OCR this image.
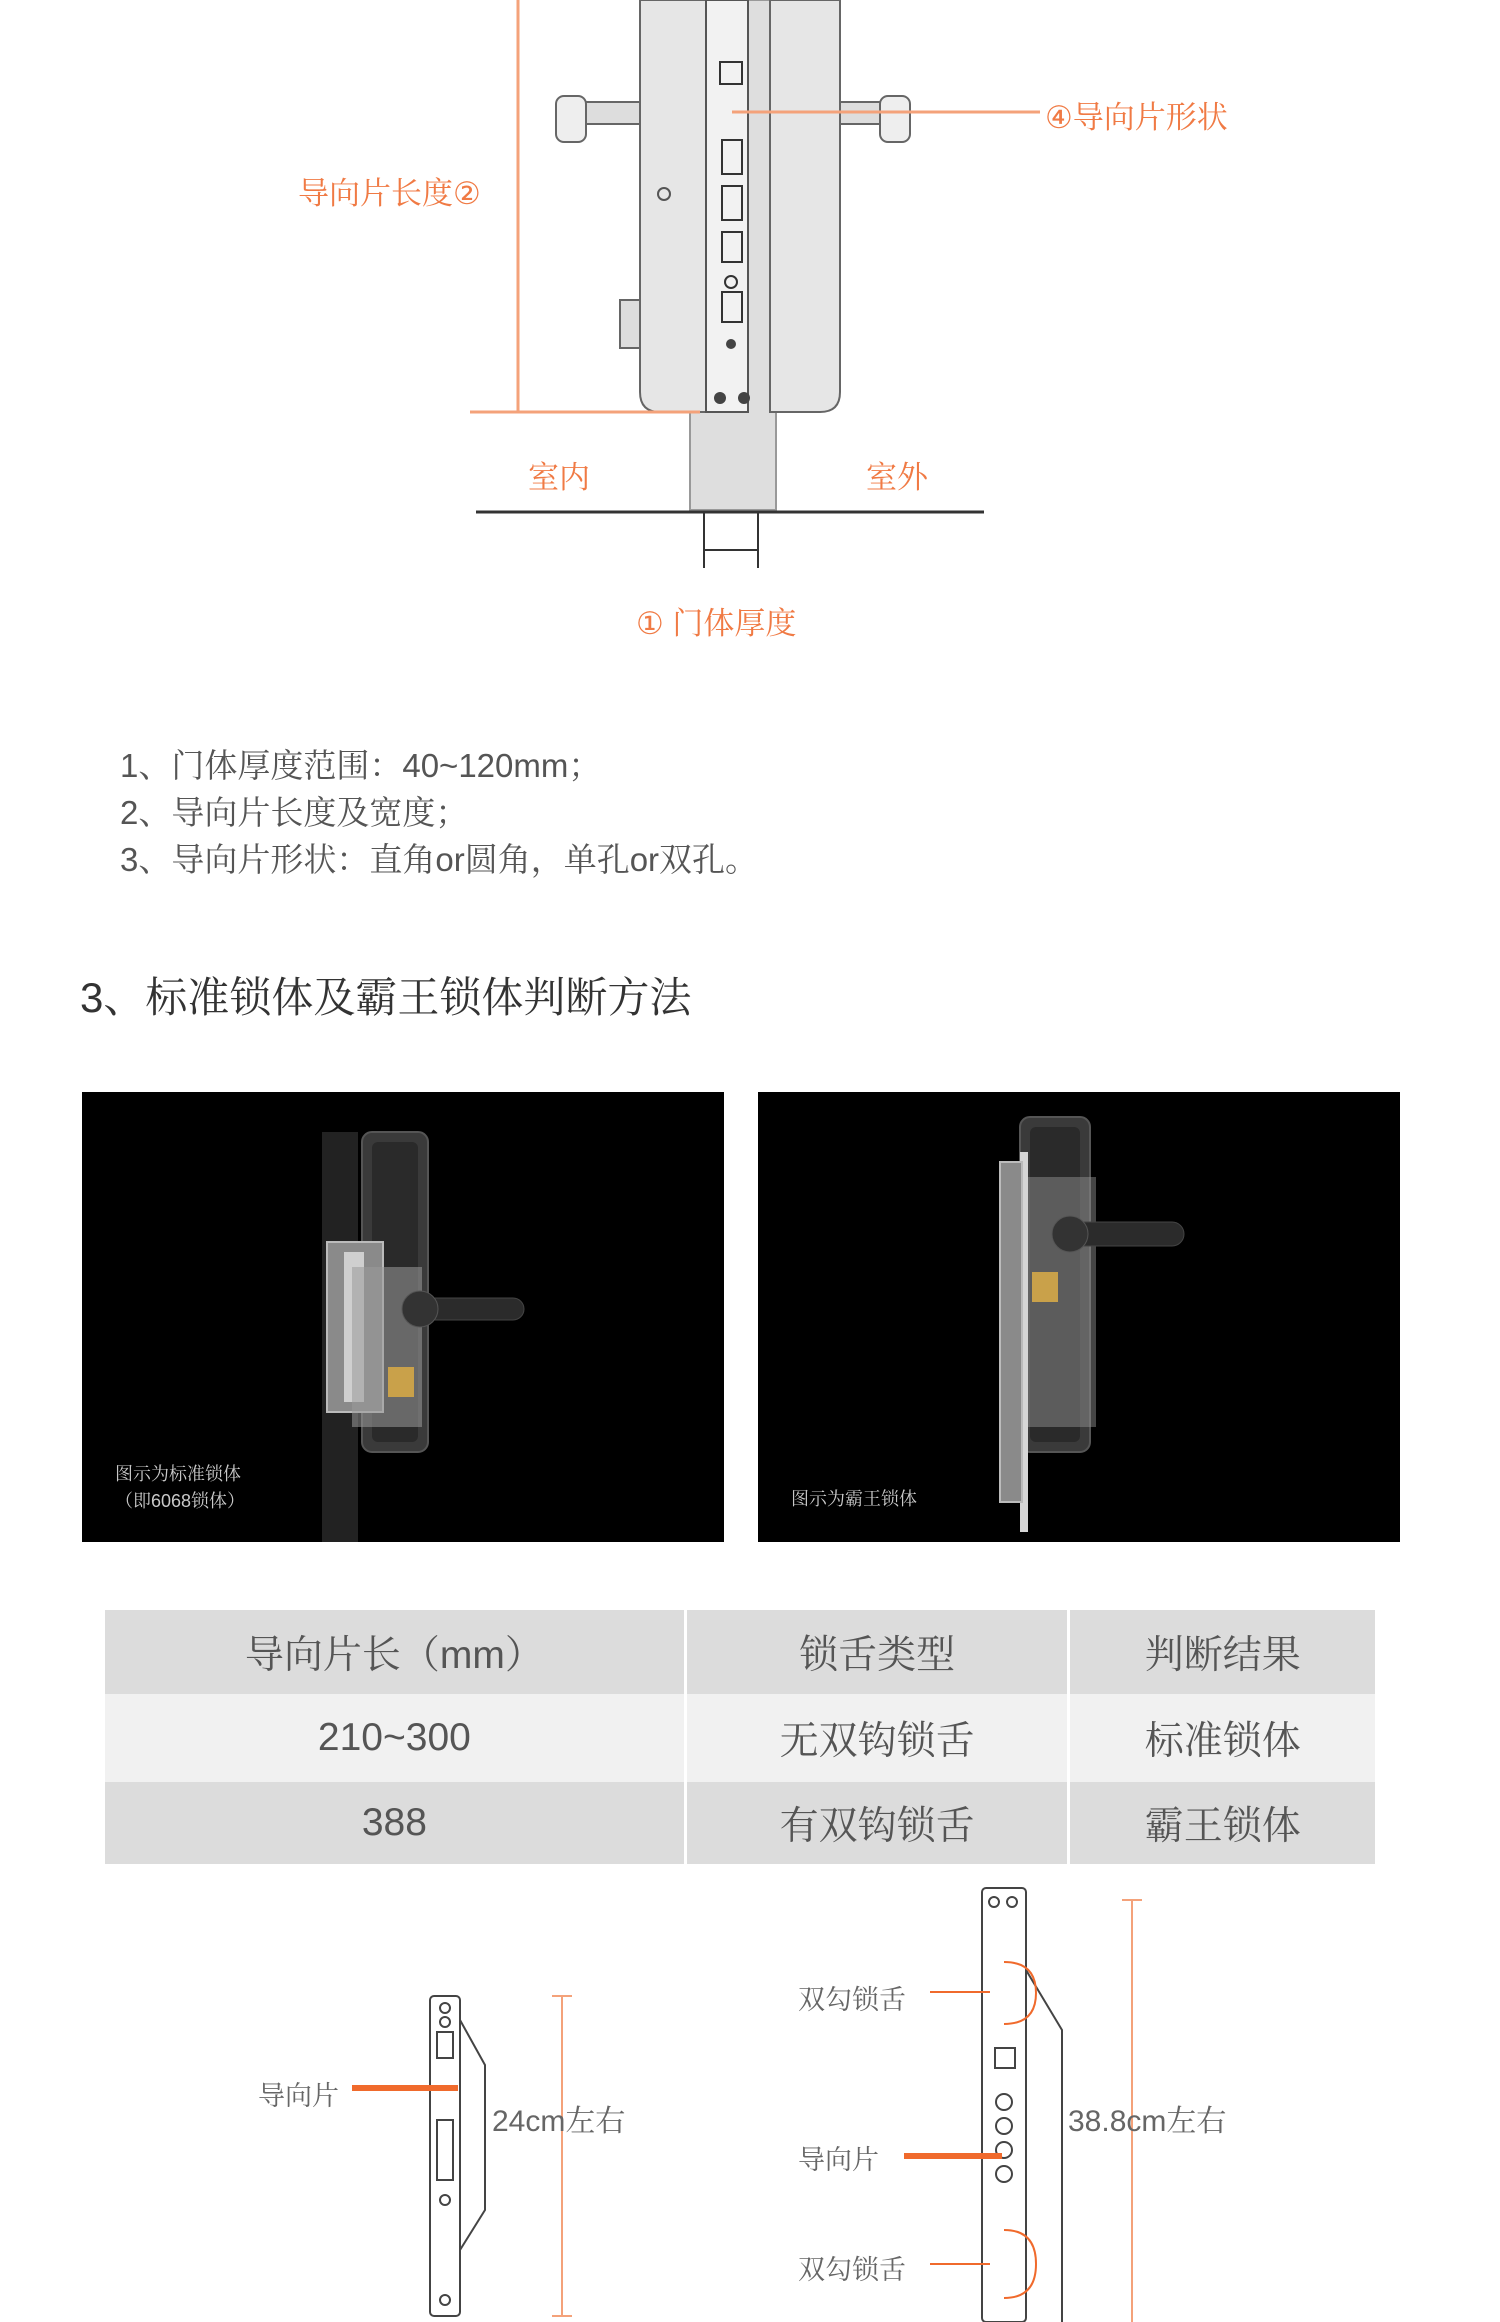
④导向片形状
导向片长度②
室内	室外
① 门体厚度
1、门体厚度范围：40~120mm；
2、导向片长度及宽度；
3、导向片形状：直角or圆角，单孔or双孔。
3、标准锁体及霸王锁体判断方法
图示为标准锁体
（即6068锁体）	图示为霸王锁体
导向片长（mm）	锁舌类型	判断结果
210~300	无双钩锁舌	标准锁体
388	有双钩锁舌	霸王锁体
导向片
24cm左右
双勾锁舌
导向片
双勾锁舌
38.8cm左右
